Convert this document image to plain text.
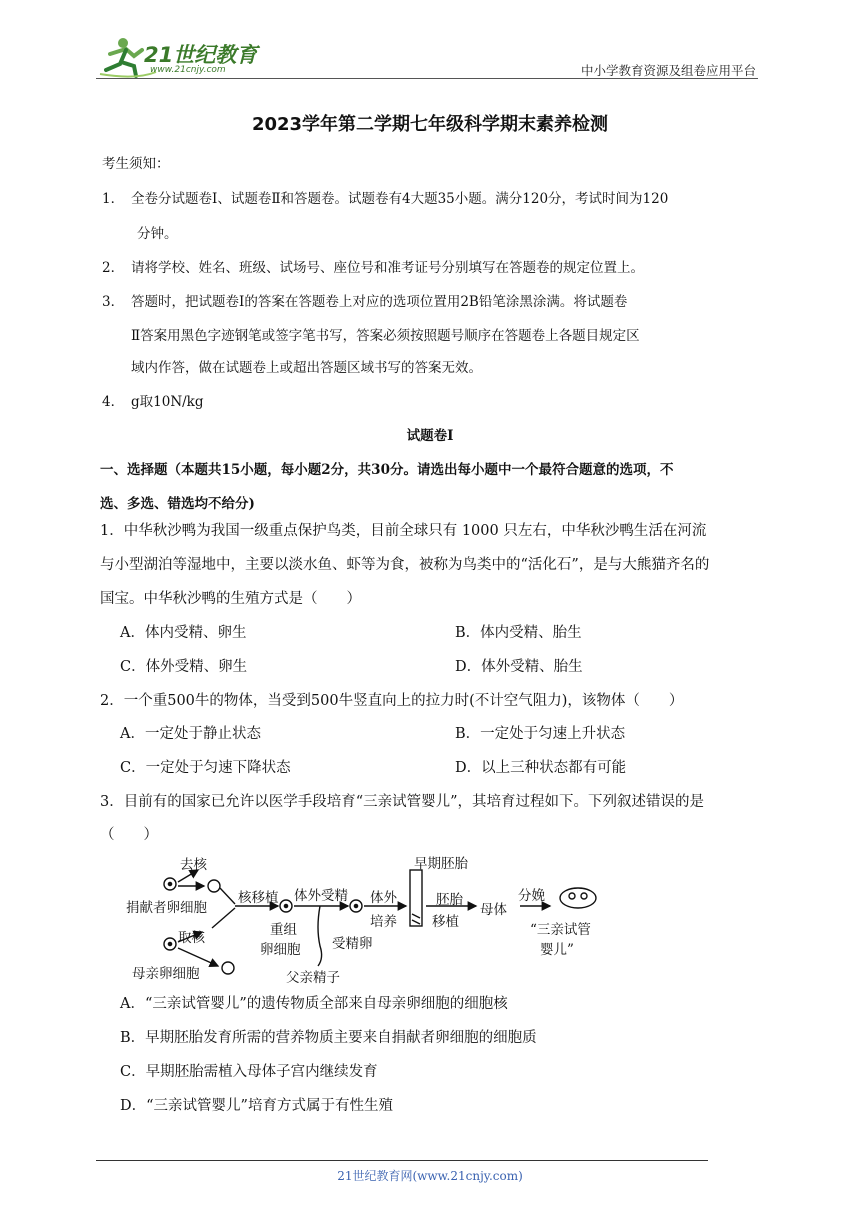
21世纪教育
www.21cnjy.com	中小学教育资源及组卷应用平台
2023学年第二学期七年级科学期末素养检测
考生须知：
1． 全卷分试题卷Ⅰ、试题卷Ⅱ和答题卷。试题卷有4大题35小题。满分120分，考试时间为120
分钟。
2． 请将学校、姓名、班级、试场号、座位号和准考证号分别填写在答题卷的规定位置上。
3． 答题时，把试题卷Ⅰ的答案在答题卷上对应的选项位置用2B铅笔涂黑涂满。将试题卷
Ⅱ答案用黑色字迹钢笔或签字笔书写，答案必须按照题号顺序在答题卷上各题目规定区
域内作答，做在试题卷上或超出答题区域书写的答案无效。
4． g取10N/kg
试题卷Ⅰ
一、选择题（本题共15小题，每小题2分，共30分。请选出每小题中一个最符合题意的选项，不
选、多选、错选均不给分)
1．中华秋沙鸭为我国一级重点保护鸟类，目前全球只有 1000 只左右，中华秋沙鸭生活在河流
与小型湖泊等湿地中，主要以淡水鱼、虾等为食，被称为鸟类中的“活化石”，是与大熊猫齐名的
国宝。中华秋沙鸭的生殖方式是（　　）
A．体内受精、卵生	B．体内受精、胎生
C．体外受精、卵生	D．体外受精、胎生
2．一个重500牛的物体，当受到500牛竖直向上的拉力时(不计空气阻力)，该物体（　　）
A．一定处于静止状态	B．一定处于匀速上升状态
C．一定处于匀速下降状态	D．以上三种状态都有可能
3．目前有的国家已允许以医学手段培育“三亲试管婴儿”，其培育过程如下。下列叙述错误的是
（　　）
去核
捐献者卵细胞
取核
母亲卵细胞
核移植
重组
卵细胞
体外受精
受精卵
父亲精子
体外
培养
早期胚胎
胚胎
移植
母体
分娩
“三亲试管
婴儿”
A．“三亲试管婴儿”的遗传物质全部来自母亲卵细胞的细胞核
B．早期胚胎发育所需的营养物质主要来自捐献者卵细胞的细胞质
C．早期胚胎需植入母体子宫内继续发育
D．“三亲试管婴儿”培育方式属于有性生殖
21世纪教育网(www.21cnjy.com)
